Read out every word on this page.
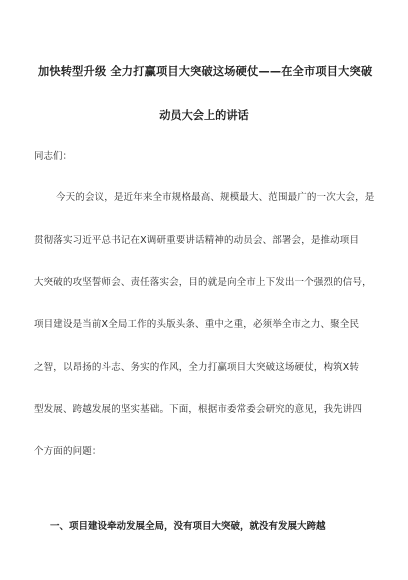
加快转型升级 全力打赢项目大突破这场硬仗——在全市项目大突破
动员大会上的讲话
同志们：
今天的会议，是近年来全市规格最高、规模最大、范围最广的一次大会，是
贯彻落实习近平总书记在X调研重要讲话精神的动员会、部署会，是推动项目
大突破的攻坚誓师会、责任落实会，目的就是向全市上下发出一个强烈的信号，
项目建设是当前X全局工作的头版头条、重中之重，必须举全市之力、聚全民
之智，以昂扬的斗志、务实的作风，全力打赢项目大突破这场硬仗，构筑X转
型发展、跨越发展的坚实基础。下面，根据市委常委会研究的意见，我先讲四
个方面的问题：
一、项目建设牵动发展全局，没有项目大突破，就没有发展大跨越
